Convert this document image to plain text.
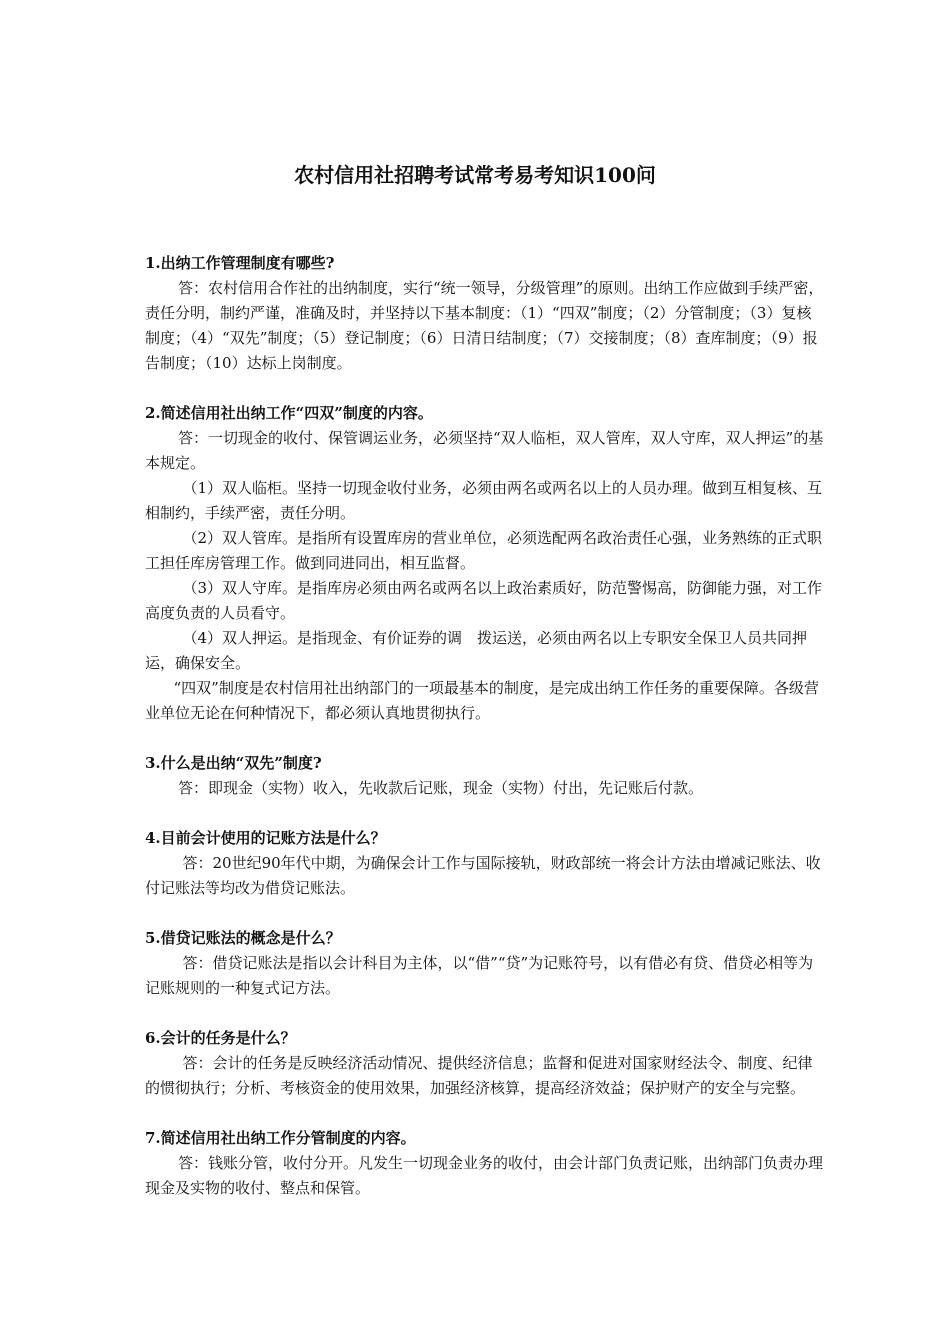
农村信用社招聘考试常考易考知识100问

1.出纳工作管理制度有哪些?

答：农村信用合作社的出纳制度，实行“统一领导，分级管理”的原则。出纳工作应做到手续严密，责任分明，制约严谨，准确及时，并坚持以下基本制度：（1）“四双”制度；（2）分管制度；（3）复核制度；（4）“双先”制度；（5）登记制度；（6）日清日结制度；（7）交接制度；（8）查库制度；（9）报告制度；（10）达标上岗制度。

2.简述信用社出纳工作“四双”制度的内容。

答：一切现金的收付、保管调运业务，必须坚持“双人临柜，双人管库，双人守库，双人押运”的基本规定。

（1）双人临柜。坚持一切现金收付业务，必须由两名或两名以上的人员办理。做到互相复核、互相制约，手续严密，责任分明。

（2）双人管库。是指所有设置库房的营业单位，必须选配两名政治责任心强，业务熟练的正式职工担任库房管理工作。做到同进同出，相互监督。

（3）双人守库。是指库房必须由两名或两名以上政治素质好，防范警惕高，防御能力强，对工作高度负责的人员看守。

（4）双人押运。是指现金、有价证券的调　拨运送，必须由两名以上专职安全保卫人员共同押运，确保安全。

“四双”制度是农村信用社出纳部门的一项最基本的制度，是完成出纳工作任务的重要保障。各级营业单位无论在何种情况下，都必须认真地贯彻执行。

3.什么是出纳“双先”制度?

答：即现金（实物）收入，先收款后记账，现金（实物）付出，先记账后付款。

4.目前会计使用的记账方法是什么？

答：20世纪90年代中期，为确保会计工作与国际接轨，财政部统一将会计方法由增减记账法、收付记账法等均改为借贷记账法。

5.借贷记账法的概念是什么？

答：借贷记账法是指以会计科目为主体，以“借”“贷”为记账符号，以有借必有贷、借贷必相等为记账规则的一种复式记方法。

6.会计的任务是什么？

答：会计的任务是反映经济活动情况、提供经济信息；监督和促进对国家财经法令、制度、纪律的惯彻执行；分析、考核资金的使用效果，加强经济核算，提高经济效益；保护财产的安全与完整。

7.简述信用社出纳工作分管制度的内容。

答：钱账分管，收付分开。凡发生一切现金业务的收付，由会计部门负责记账，出纳部门负责办理现金及实物的收付、整点和保管。
